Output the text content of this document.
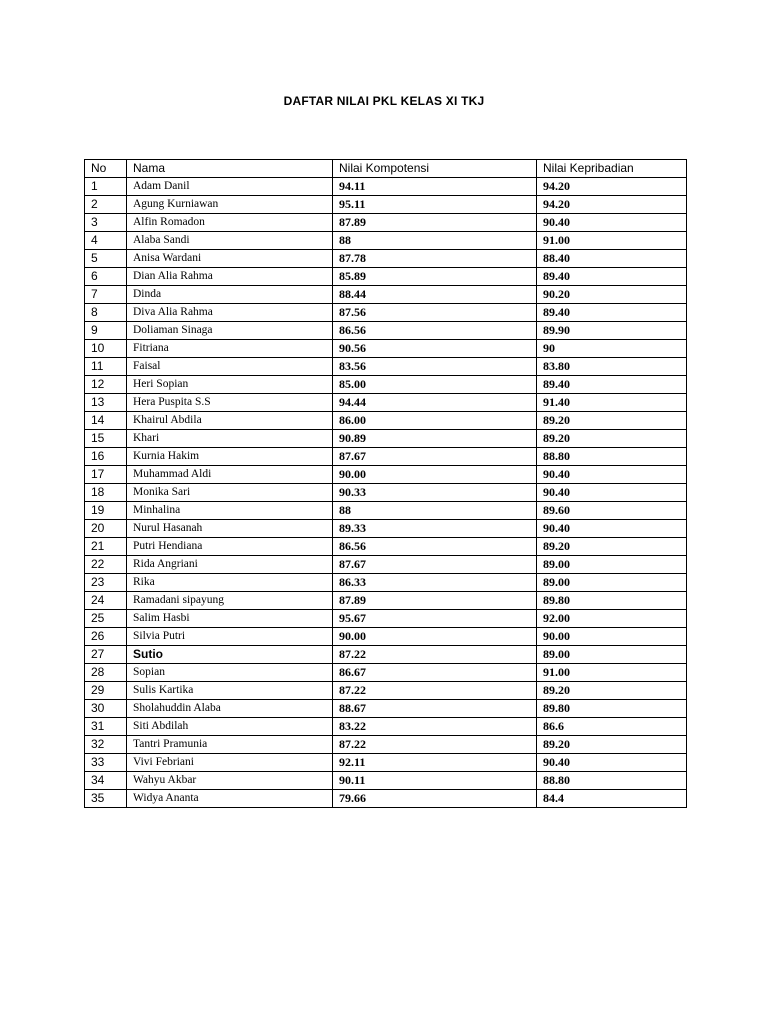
DAFTAR NILAI PKL KELAS XI TKJ
No	Nama	Nilai Kompotensi	Nilai Kepribadian
1	Adam Danil	94.11	94.20
2	Agung Kurniawan	95.11	94.20
3	Alfin Romadon	87.89	90.40
4	Alaba Sandi	88	91.00
5	Anisa Wardani	87.78	88.40
6	Dian Alia Rahma	85.89	89.40
7	Dinda	88.44	90.20
8	Diva Alia Rahma	87.56	89.40
9	Doliaman Sinaga	86.56	89.90
10	Fitriana	90.56	90
11	Faisal	83.56	83.80
12	Heri Sopian	85.00	89.40
13	Hera Puspita S.S	94.44	91.40
14	Khairul Abdila	86.00	89.20
15	Khari	90.89	89.20
16	Kurnia Hakim	87.67	88.80
17	Muhammad Aldi	90.00	90.40
18	Monika Sari	90.33	90.40
19	Minhalina	88	89.60
20	Nurul Hasanah	89.33	90.40
21	Putri Hendiana	86.56	89.20
22	Rida Angriani	87.67	89.00
23	Rika	86.33	89.00
24	Ramadani sipayung	87.89	89.80
25	Salim Hasbi	95.67	92.00
26	Silvia Putri	90.00	90.00
27	Sutio	87.22	89.00
28	Sopian	86.67	91.00
29	Sulis Kartika	87.22	89.20
30	Sholahuddin Alaba	88.67	89.80
31	Siti Abdilah	83.22	86.6
32	Tantri Pramunia	87.22	89.20
33	Vivi Febriani	92.11	90.40
34	Wahyu Akbar	90.11	88.80
35	Widya Ananta	79.66	84.4
